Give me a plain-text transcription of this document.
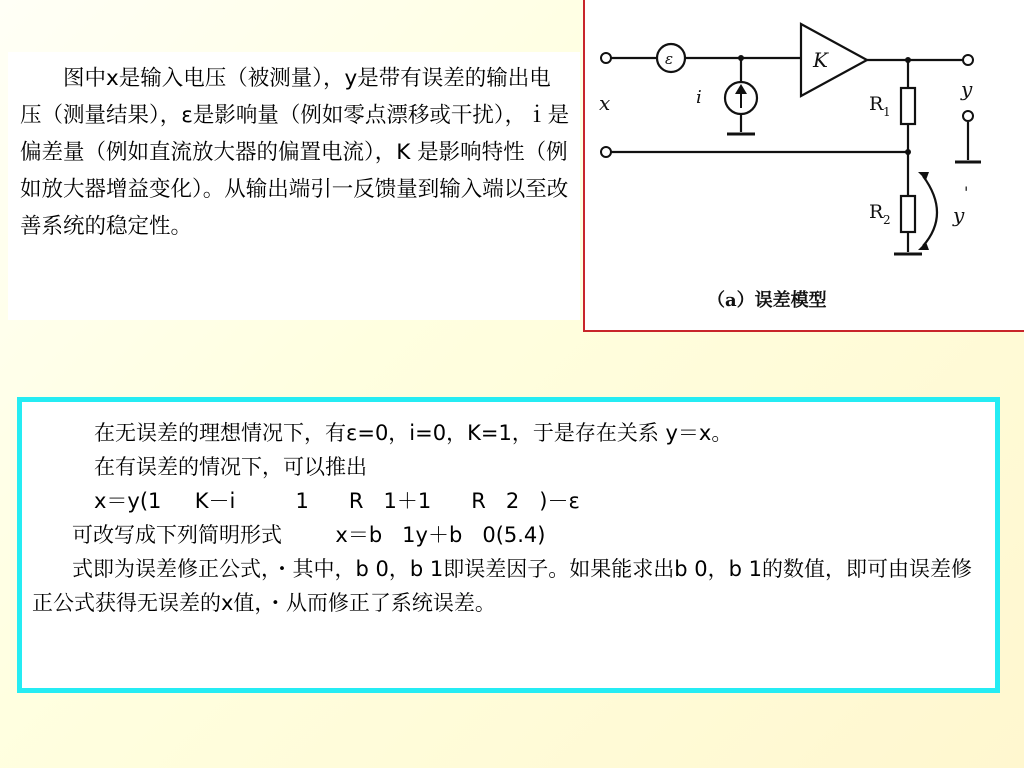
图中x是输入电压（被测量），y是带有误差的输出电压（测量结果），ε是影响量（例如零点漂移或干扰），ｉ是偏差量（例如直流放大器的偏置电流），K 是影响特性（例如放大器增益变化）。从输出端引一反馈量到输入端以至改善系统的稳定性。

ε	K
x	i	y
R 1
R 2	y
'
（a）误差模型
在无误差的理想情况下，有ε=0，i=0，K=1，于是存在关系 y＝x。
在有误差的情况下，可以推出
x＝y(1     K－i         1      R   1＋1      R   2   )－ε
可改写成下列简明形式        x＝b   1y＋b   0(5.4)
式即为误差修正公式，・其中，b 0，b 1即误差因子。如果能求出b 0，b 1的数值，即可由误差修正公式获得无误差的x值，・从而修正了系统误差。
